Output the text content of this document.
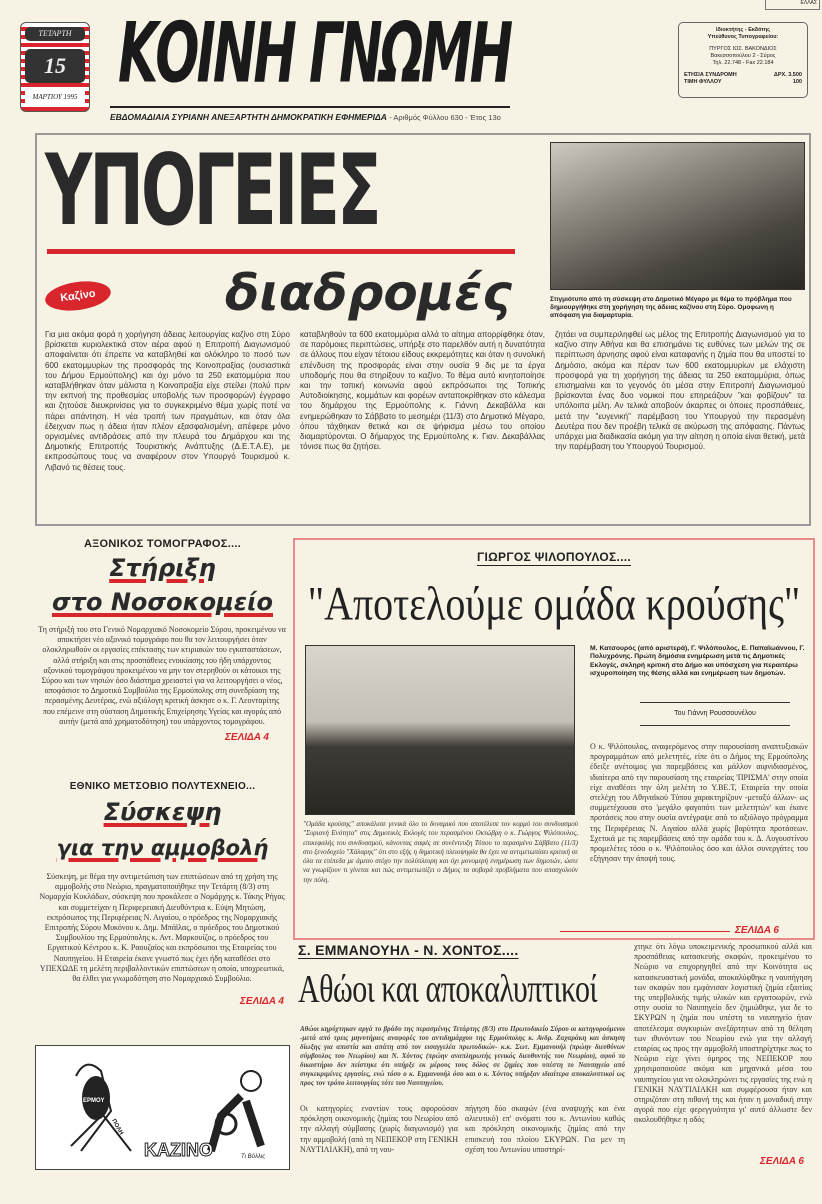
ΕΛΛΑΣ
ΤΕΤΑΡΤΗ
15
ΜΑΡΤΙΟΥ 1995 ΚΟΙΝΗ ΓΝΩΜΗ
ΕΒΔΟΜΑΔΙΑΙΑ ΣΥΡΙΑΝΗ ΑΝΕΞΑΡΤΗΤΗ ΔΗΜΟΚΡΑΤΙΚΗ ΕΦΗΜΕΡΙΔΑ - Αριθμός Φύλλου 630 - Έτος 13ο
Ιδιοκτήτης - Εκδότης
Υπεύθυνος Τυπογραφείου:
ΠΥΡΓΟΣ ΙΩΣ. ΒΑΚΟΝΔΙΟΣ
Βακεσσοπούλου 2 - Σύρος
Τηλ. 22.748 - Fax 22.184
ΕΤΗΣΙΑ ΣΥΝΔΡΟΜΗ	ΔΡΧ. 3.500
ΤΙΜΗ ΦΥΛΛΟΥ	100
ΥΠΟΓΕΙΕΣ
Καζίνο	διαδρομές	Στιγμιότυπο από τη σύσκεψη στο Δημοτικό Μέγαρο με θέμα το πρόβλημα που δημιουργήθηκε στη χορήγηση της άδειας καζίνου στη Σύρο. Ομοφωνη η απόφαση για διαμαρτυρία.
Για μια ακόμα φορά η χορήγηση άδειας λειτουργίας καζίνο στη Σύρο βρίσκεται κυριολεκτικά στον αέρα αφού η Επιτροπή Διαγωνισμού αποφαίνεται ότι έπρεπε να καταβληθεί και ολόκληρο το ποσό των 600 εκατομμυρίων της προσφοράς της Κοινοπραξίας (ουσιαστικά του Δήμου Ερμούπολης) και όχι μόνο τα 250 εκατομμύρια που καταβλήθηκαν όταν μάλιστα η Κοινοπραξία είχε στείλει (πολύ πριν την εκπνοή της προθεσμίας υποβολής των προσφορών) έγγραφο και ζητούσε διευκρινίσεις για το συγκεκριμένο θέμα χωρίς ποτέ να πάρει απάντηση. Η νέα τροπή των πραγμάτων, και όταν όλα έδειχναν πως η άδεια ήταν πλέον εξασφαλισμένη, απέφερε μόνο οργισμένες αντιδράσεις από την πλευρά του Δημάρχου και της Δημοτικής Επιτροπής Τουριστικής Ανάπτυξης (Δ.Ε.Τ.Α.Ε), με εκπροσώπους τους να αναφέρουν στον Υπουργό Τουρισμού κ. Λιβανό τις θέσεις τους.
καταβληθούν τα 600 εκατομμύρια αλλά το αίτημα απορρίφθηκε όταν, σε παρόμοιες περιπτώσεις, υπήρξε στο παρελθόν αυτή η δυνατότητα σε άλλους που είχαν τέτοιου είδους εκκρεμότητες και όταν η συνολική επένδυση της προσφοράς είναι στην ουσία 9 δις με τα έργα υποδομής που θα στηρίξουν το καζίνο. Το θέμα αυτό κινητοποίησε και την τοπική κοινωνία αφού εκπρόσωποι της Τοπικής Αυτοδιοίκησης, κομμάτων και φορέων ανταποκρίθηκαν στο κάλεσμα του δημάρχου της Ερμούπολης κ. Γιάννη Δεκαβάλλα και ενημερώθηκαν το Σάββατο το μεσημέρι (11/3) στο Δημοτικό Μέγαρο, όπου τάχθηκαν θετικά και σε ψήφισμα μέσω του οποίου διαμαρτύρονται. Ο δήμαρχος της Ερμούπολης κ. Γιαν. Δεκαβάλλας τόνισε πως θα ζητήσει.
ζητάει να συμπεριληφθεί ως μέλος της Επιτροπής Διαγωνισμού για το καζίνο στην Αθήνα και θα επισημάνει τις ευθύνες των μελών της σε περίπτωση άρνησης αφού είναι καταφανής η ζημία που θα υποστεί το Δημόσιο, ακόμα και πέραν των 600 εκατομμυρίων με ελάχιστη προσφορά για τη χορήγηση της άδειας τα 250 εκατομμύρια, όπως επισημαίνει και το γεγονός ότι μέσα στην Επιτροπή Διαγωνισμού βρίσκονται ένας δυο νομικοί που επηρεάζουν "και φοβίζουν" τα υπόλοιπα μέλη. Αν τελικά αποβούν άκαρπες οι όποιες προσπάθειες, μετά την "ευγενική" παρέμβαση του Υπουργού την περασμένη Δευτέρα που δεν προέβη τελικά σε ακύρωση της απόφασης. Πάντως υπάρχει μια διαδικασία ακόμη για την αίτηση η οποία είναι θετική, μετά την παρέμβαση του Υπουργού Τουρισμού.
ΑΞΟΝΙΚΟΣ ΤΟΜΟΓΡΑΦΟΣ....
Στήριξη
στο Νοσοκομείο
Τη στήριξή του στο Γενικό Νομαρχιακό Νοσοκομείο Σύρου, προκειμένου να αποκτήσει νέο αξονικό τομογράφο που θα τον λειτουργήσει όταν ολοκληρωθούν οι εργασίες επέκτασης των κτιριακών του εγκαταστάσεων, αλλά στήριξη και στις προσπάθειες ενοικίασης του ήδη υπάρχοντος αξονικού τομογράφου προκειμένου να μην τον στερηθούν οι κάτοικοι της Σύρου και των νησιών όσο διάστημα χρειαστεί για να λειτουργήσει ο νέος, αποφάσισε το Δημοτικό Συμβούλιο της Ερμούπολης στη συνεδρίαση της περασμένης Δευτέρας, ενώ αξιόλογη κριτική άσκησε ο κ. Γ. Λεονταρίτης που επέμεινε στη σύσταση Δημοτικής Επιχείρησης Υγείας και αγοράς από αυτήν (μετά από χρηματοδότηση) του υπάρχοντος τομογράφου.
ΣΕΛΙΔΑ 4
ΕΘΝΙΚΟ ΜΕΤΣΟΒΙΟ ΠΟΛΥΤΕΧΝΕΙΟ...
Σύσκεψη
για την αμμοβολή
Σύσκεψη, με θέμα την αντιμετώπιση των επιπτώσεων από τη χρήση της αμμοβολής στο Νεώριο, πραγματοποιήθηκε την Τετάρτη (8/3) στη Νομαρχία Κυκλάδων, σύσκεψη που προκάλεσε ο Νομάρχης κ. Τάκης Ρήγας και συμμετείχαν η Περιφερειακή Διευθύντρια κ. Εύψη Μητώση, εκπρόσωπος της Περιφέρειας Ν. Αιγαίου, ο πρόεδρος της Νομαρχιακής Επιτροπής Σύρου Μυκόνου κ. Δημ. Μπάϊλας, ο πρόεδρος του Δημοτικού Συμβουλίου της Ερμούπολης κ. Αντ. Μαρκουίζος, ο πρόεδρος του Εργατικού Κέντρου κ. Κ. Ραουζαίος και εκπρόσωποι της Εταιρείας του Ναυπηγείου. Η Εταιρεία έκανε γνωστό πως έχει ήδη καταθέσει στο ΥΠΕΧΩΔΕ τη μελέτη περιβαλλοντικών επιπτώσεων η οποία, υποχρεωτικά, θα έλθει για γνωμοδότηση στο Νομαρχιακό Συμβούλιο.
ΣΕΛΙΔΑ 4
ΕΡΜΟΥ
ΠΟΛΗ
ΚΑΖΙΝΟ	Τι Βόλλις
ΓΙΩΡΓΟΣ ΨΙΛΟΠΟΥΛΟΣ....
"Αποτελούμε ομάδα κρούσης"
Μ. Κατσουρός (από αριστερά), Γ. Ψιλόπουλος, Ε. Παπαϊωάννου, Γ. Πολυχρόνης. Πρώτη δημόσια ενημέρωση μετά τις Δημοτικές Εκλογές, σκληρή κριτική στο Δήμο και υπόσχεση για περαιτέρω ισχυροποίηση της θέσης αλλά και ενημέρωση των δημοτών.
Του Γιάννη Ρουσσουνέλου
"Ομάδα κρούσης" αποκάλεσε γενικά όλο το δυναμικό που αποτέλεσε τον κορμό του συνδυασμού "Συριανή Ενότητα" στις Δημοτικές Εκλογές του περασμένου Οκτώβρη ο κ. Γιώργος Ψιλόπουλος, επικεφαλής του συνδυασμού, κάνοντας σαφές σε συνέντευξη Τύπου το περασμένο Σάββατο (11/3) στο ξενοδοχείο "Χάλαρης" ότι στο εξής η δημοτική πλειοψηφία θα έχει να αντιμετωπίσει κριτική σε όλα τα επίπεδα με άμεσο στόχο την πολύπλευρη και όχι μονομερή ενημέρωση των δημοτών, ώστε να γνωρίζουν τι γίνεται και πώς αντιμετωπίζει ο Δήμος τα σοβαρά προβλήματα που απασχολούν την πόλη.
Ο κ. Ψιλόπουλος, αναφερόμενος στην παρουσίαση αναπτυξιακών προγραμμάτων από μελετητές, είπε ότι ο Δήμος της Ερμούπολης έδειξε ανέτοιμος για παρεμβάσεις και μάλλον αιφνιδιασμένος, ιδιαίτερα από την παρουσίαση της εταιρείας 'ΠΡΙΣΜΑ' στην οποία είχε αναθέσει την όλη μελέτη το Υ.ΒΕ.Τ, Εταιρεία την οποία στελέχη του Αθηναϊκού Τύπου χαρακτηρίζουν -μεταξύ άλλων- ως συμμετέχουσα στο 'μεγάλο φαγοπότι των μελετητών' και έκανε προτάσεις που στην ουσία αντέγραψε από το αξιόλογο πρόγραμμα της Περιφέρειας Ν. Αιγαίου αλλά χωρίς βαρύτητα προτάσεων. Σχετικά με τις παρεμβάσεις από την ομάδα του κ. Δ. Αυγουστίνου προμελέτες τόσο ο κ. Ψιλόπουλος όσο και άλλοι συνεργάτες του εξήγησαν την άποψή τους.
ΣΕΛΙΔΑ 6
Σ. ΕΜΜΑΝΟΥΗΛ - Ν. ΧΟΝΤΟΣ....
Αθώοι και αποκαλυπτικοί
Αθώοι κηρύχτηκαν αργά το βράδυ της περασμένης Τετάρτης (8/3) στο Πρωτοδικείο Σύρου οι κατηγορούμενοι -μετά από τρεις μηνυτήριες αναφορές του αντιδημάρχου της Ερμούπολης κ. Ανδρ. Ζαχαράκη και άσκηση δίωξης για απιστία και απάτη από τον εισαγγελέα πρωτοδικών- κ.κ. Σωτ. Εμμανουήλ (πρώην διευθύνων σύμβουλος του Νεωρίου) και Ν. Χόντος (πρώην αναπληρωτής γενικός διευθυντής του Νεωρίου), αφού το δικαστήριο δεν πείστηκε ότι υπήρξε εκ μέρους τους δόλος σε ζημίες που υπέστη το Ναυπηγείο από συγκεκριμένες εργασίες, ενώ τόσο ο κ. Εμμανουήλ όσο και ο κ. Χόντος υπήρξαν ιδιαίτερα αποκαλυπτικοί ως προς τον τρόπο λειτουργίας τότε του Ναυπηγείου.
Οι κατηγορίες εναντίον τους αφορούσαν πρόκληση οικονομικής ζημίας του Νεωρίου από την αλλαγή σύμβασης (χωρίς διαγωνισμό) για την αμμοβολή (από τη ΝΕΠΕΚΟΡ στη ΓΕΝΙΚΗ ΝΑΥΤΙΛΙΑΚΗ), από τη ναυ-
πήγηση δύο σκαφών (ένα αναψυχής και ένα αλιευτικό) επ' ονόματι του κ. Αντωνίου καθώς και πρόκληση οικονομικής ζημίας από την επισκευή του πλοίου ΣΚΥΡΩΝ. Για μεν τη σχέση του Αντωνίου υποστηρί-
χτηκε ότι λόγω υποκειμενικής προσωπικού αλλά και προσπάθειας κατασκευής σκαφών, προκειμένου το Νεώριο να επιχορηγηθεί από την Κοινότητα ως κατασκευαστική μονάδα, αποκαλύφθηκε η ναυπήγηση των σκαφών που εμφάνισαν λογιστική ζημία εξαιτίας της υπερβολικής τιμής υλικών και εργατοωρών, ενώ στην ουσία το Ναυπηγείο δεν ζημιώθηκε, για δε το ΣΚΥΡΩΝ η ζημία που υπέστη το ναυπηγείο ήταν αποτέλεσμα συγκυριών ανεξάρτητων από τη θέληση των ιθυνόντων του Νεωρίου ενώ για την αλλαγή εταιρίας ως προς την αμμοβολή υποστηρίχτηκε πως το Νεώριο είχε γίνει όμηρος της ΝΕΠΕΚΟΡ που χρησιμοποιούσε ακόμα και μηχανικά μέσα του ναυπηγείου για να ολοκληρώνει τις εργασίες της ενώ η ΓΕΝΙΚΗ ΝΑΥΤΙΛΙΑΚΗ και συμφέρουσα ήταν και στηριζόταν στη πιθανή της και ήταν η μοναδική στην αγορά που είχε φερεγγυότητα γι' αυτό άλλωστε δεν ακολουθήθηκε η οδός
ΣΕΛΙΔΑ 6
